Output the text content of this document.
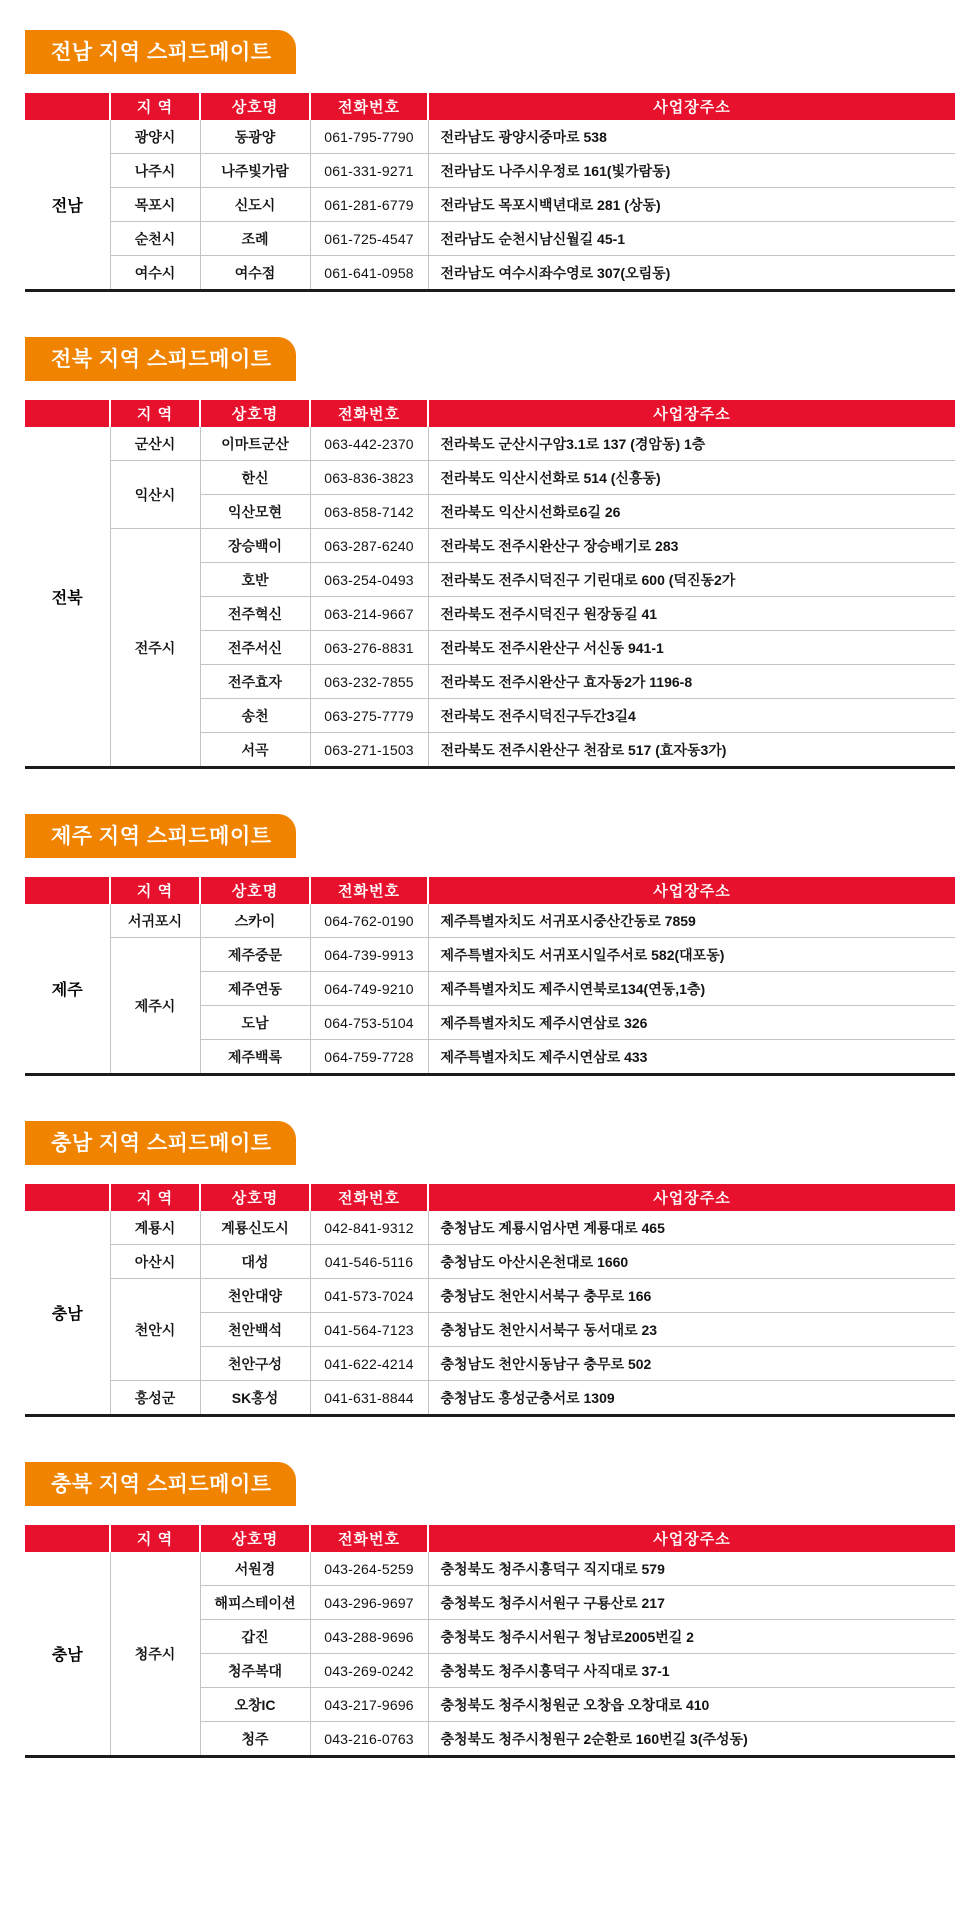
전남 지역 스피드메이트
	지 역	상호명	전화번호	사업장주소
전남	광양시	동광양	061-795-7790	전라남도 광양시중마로 538
	나주시	나주빛가람	061-331-9271	전라남도 나주시우정로 161(빛가람동)
	목포시	신도시	061-281-6779	전라남도 목포시백년대로 281 (상동)
	순천시	조례	061-725-4547	전라남도 순천시남신월길 45-1
	여수시	여수점	061-641-0958	전라남도 여수시좌수영로 307(오림동)
전북 지역 스피드메이트
	지 역	상호명	전화번호	사업장주소
전북	군산시	이마트군산	063-442-2370	전라북도 군산시구암3.1로 137 (경암동) 1층
	익산시	한신	063-836-3823	전라북도 익산시선화로 514 (신흥동)
		익산모현	063-858-7142	전라북도 익산시선화로6길 26
	전주시	장승백이	063-287-6240	전라북도 전주시완산구 장승배기로 283
		호반	063-254-0493	전라북도 전주시덕진구 기린대로 600 (덕진동2가
		전주혁신	063-214-9667	전라북도 전주시덕진구 원장동길 41
		전주서신	063-276-8831	전라북도 전주시완산구 서신동 941-1
		전주효자	063-232-7855	전라북도 전주시완산구 효자동2가 1196-8
		송천	063-275-7779	전라북도 전주시덕진구두간3길4
		서곡	063-271-1503	전라북도 전주시완산구 천잠로 517 (효자동3가)
제주 지역 스피드메이트
	지 역	상호명	전화번호	사업장주소
제주	서귀포시	스카이	064-762-0190	제주특별자치도 서귀포시중산간동로 7859
	제주시	제주중문	064-739-9913	제주특별자치도 서귀포시일주서로 582(대포동)
		제주연동	064-749-9210	제주특별자치도 제주시연북로134(연동,1층)
		도남	064-753-5104	제주특별자치도 제주시연삼로 326
		제주백록	064-759-7728	제주특별자치도 제주시연삼로 433
충남 지역 스피드메이트
	지 역	상호명	전화번호	사업장주소
충남	계룡시	계룡신도시	042-841-9312	충청남도 계룡시엄사면 계룡대로 465
	아산시	대성	041-546-5116	충청남도 아산시온천대로 1660
	천안시	천안대양	041-573-7024	충청남도 천안시서북구 충무로 166
		천안백석	041-564-7123	충청남도 천안시서북구 동서대로 23
		천안구성	041-622-4214	충청남도 천안시동남구 충무로 502
	홍성군	SK홍성	041-631-8844	충청남도 홍성군충서로 1309
충북 지역 스피드메이트
	지 역	상호명	전화번호	사업장주소
충남	청주시	서원경	043-264-5259	충청북도 청주시흥덕구 직지대로 579
		해피스테이션	043-296-9697	충청북도 청주시서원구 구룡산로 217
		갑진	043-288-9696	충청북도 청주시서원구 청남로2005번길 2
		청주복대	043-269-0242	충청북도 청주시흥덕구 사직대로 37-1
		오창IC	043-217-9696	충청북도 청주시청원군 오창읍 오창대로 410
		청주	043-216-0763	충청북도 청주시청원구 2순환로 160번길 3(주성동)
